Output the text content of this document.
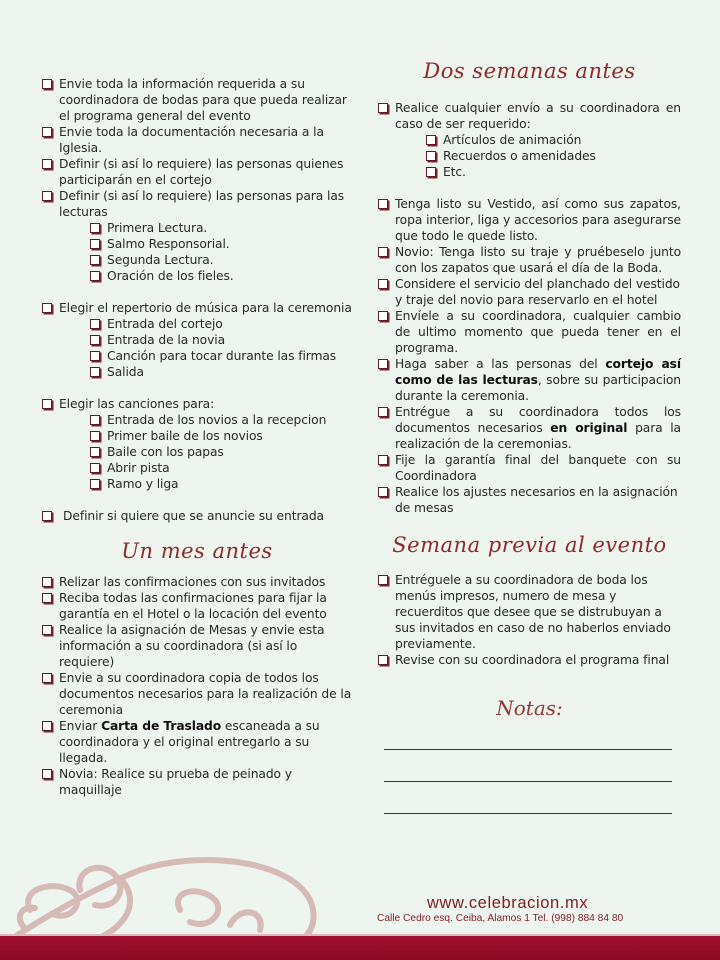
Envie toda la información requerida a su coordinadora de bodas para que pueda realizar el programa general del evento
Envie toda la documentación necesaria a la Iglesia.
Definir (si así lo requiere) las personas quienes participarán en el cortejo
Definir (si así lo requiere) las personas para las lecturas
Primera Lectura.
Salmo Responsorial.
Segunda Lectura.
Oración de los fieles.
Elegir el repertorio de música para la ceremonia
Entrada del cortejo
Entrada de la novia
Canción para tocar durante las firmas
Salida
Elegir las canciones para:
Entrada de los novios a la recepcion
Primer baile de los novios
Baile con los papas
Abrir pista
Ramo y liga
Definir si quiere que se anuncie su entrada
Un mes antes
Relizar las confirmaciones con sus invitados
Reciba todas las confirmaciones para fijar la garantía en el Hotel o la locación del evento
Realice la asignación de Mesas y envie esta información a su coordinadora (si así lo requiere)
Envie a su coordinadora copia de todos los documentos necesarios para la realización de la ceremonia
Enviar Carta de Traslado escaneada a su coordinadora y el original entregarlo a su llegada.
Novia: Realice su prueba de peinado y maquillaje
Dos semanas antes
Realice cualquier envío a su coordinadora en caso de ser requerido:
Artículos de animación
Recuerdos o amenidades
Etc.
Tenga listo su Vestido, así como sus zapatos, ropa interior, liga y accesorios para asegurarse que todo le quede listo.
Novio: Tenga listo su traje y pruébeselo junto con los zapatos que usará el día de la Boda.
Considere el servicio del planchado del vestido y traje del novio para reservarlo en el hotel
Envíele a su coordinadora, cualquier cambio de ultimo momento que pueda tener en el programa.
Haga saber a las personas del cortejo así como de las lecturas, sobre su participacion durante la ceremonia.
Entrégue a su coordinadora todos los documentos necesarios en original para la realización de la ceremonias.
Fije la garantía final del banquete con su Coordinadora
Realice los ajustes necesarios en la asignación de mesas
Semana previa al evento
Entréguele a su coordinadora de boda los menús impresos, numero de mesa y recuerditos que desee que se distrubuyan a sus invitados en caso de no haberlos enviado previamente.
Revise con su coordinadora el programa final
Notas:
www.celebracion.mx
Calle Cedro esq. Ceiba, Alamos 1 Tel. (998) 884 84 80
